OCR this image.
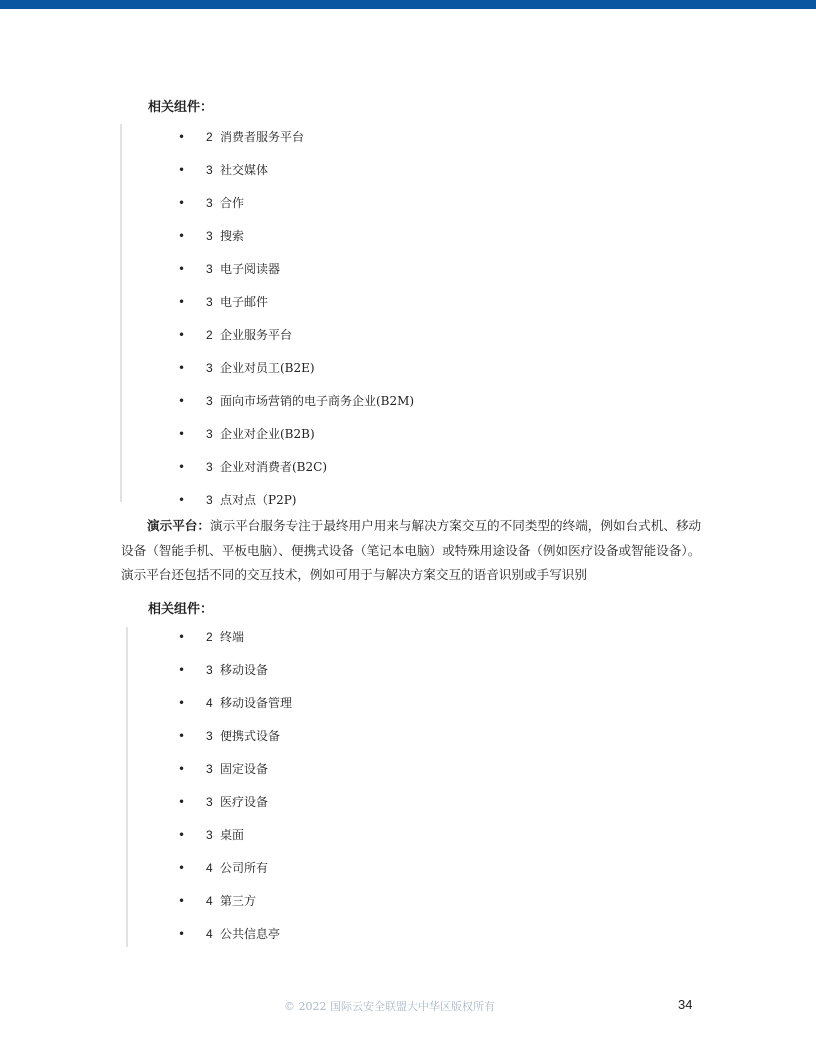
相关组件：
• 2 消费者服务平台
• 3 社交媒体
• 3 合作
• 3 搜索
• 3 电子阅读器
• 3 电子邮件
• 2 企业服务平台
• 3 企业对员工(B2E)
• 3 面向市场营销的电子商务企业(B2M)
• 3 企业对企业(B2B)
• 3 企业对消费者(B2C)
• 3 点对点（P2P)
演示平台：演示平台服务专注于最终用户用来与解决方案交互的不同类型的终端，例如台式机、移动设备（智能手机、平板电脑）、便携式设备（笔记本电脑）或特殊用途设备（例如医疗设备或智能设备）。演示平台还包括不同的交互技术，例如可用于与解决方案交互的语音识别或手写识别
相关组件：
• 2 终端
• 3 移动设备
• 4 移动设备管理
• 3 便携式设备
• 3 固定设备
• 3 医疗设备
• 3 桌面
• 4 公司所有
• 4 第三方
• 4 公共信息亭
© 2022 国际云安全联盟大中华区版权所有	34
